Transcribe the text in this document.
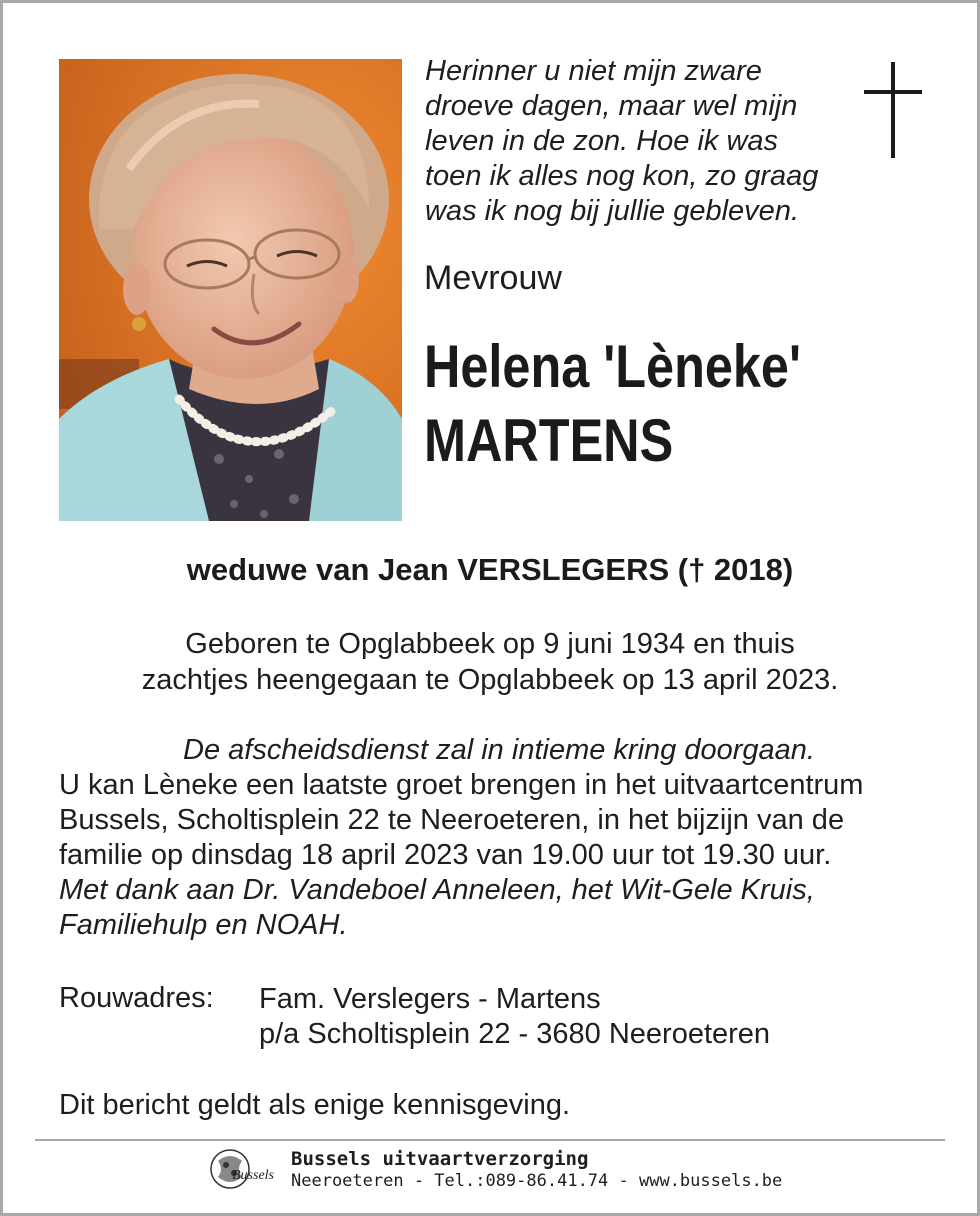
Herinner u niet mijn zware
droeve dagen, maar wel mijn
leven in de zon. Hoe ik was
toen ik alles nog kon, zo graag
was ik nog bij jullie gebleven.
Mevrouw
Helena 'Lèneke'
MARTENS
weduwe van Jean VERSLEGERS († 2018)
Geboren te Opglabbeek op 9 juni 1934 en thuis
zachtjes heengegaan te Opglabbeek op 13 april 2023.
De afscheidsdienst zal in intieme kring doorgaan.
U kan Lèneke een laatste groet brengen in het uitvaartcentrum
Bussels, Scholtisplein 22 te Neeroeteren, in het bijzijn van de
familie op dinsdag 18 april 2023 van 19.00 uur tot 19.30 uur.
Met dank aan Dr. Vandeboel Anneleen, het Wit-Gele Kruis,
Familiehulp en NOAH.
Rouwadres: Fam. Verslegers - Martens
p/a Scholtisplein 22 - 3680 Neeroeteren
Dit bericht geldt als enige kennisgeving.
Bussels
Bussels uitvaartverzorging
Neeroeteren - Tel.:089-86.41.74 - www.bussels.be
